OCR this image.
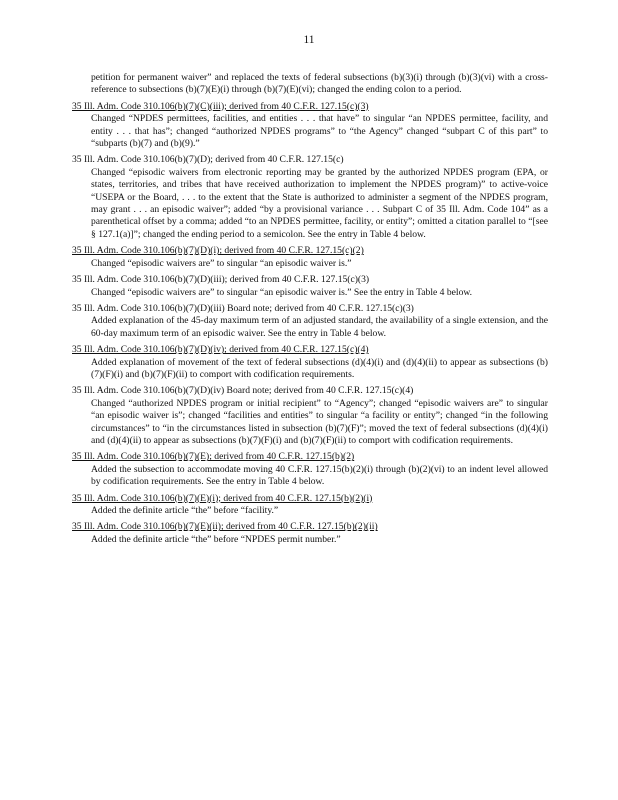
11
petition for permanent waiver” and replaced the texts of federal subsections (b)(3)(i) through (b)(3)(vi) with a cross-reference to subsections (b)(7)(E)(i) through (b)(7)(E)(vi); changed the ending colon to a period.
35 Ill. Adm. Code 310.106(b)(7)(C)(iii); derived from 40 C.F.R. 127.15(c)(3)
Changed “NPDES permittees, facilities, and entities . . . that have” to singular “an NPDES permittee, facility, and entity . . . that has”; changed “authorized NPDES programs” to “the Agency” changed “subpart C of this part” to “subparts (b)(7) and (b)(9).”
35 Ill. Adm. Code 310.106(b)(7)(D); derived from 40 C.F.R. 127.15(c)
Changed “episodic waivers from electronic reporting may be granted by the authorized NPDES program (EPA, or states, territories, and tribes that have received authorization to implement the NPDES program)” to active-voice “USEPA or the Board, . . . to the extent that the State is authorized to administer a segment of the NPDES program, may grant . . . an episodic waiver”; added “by a provisional variance . . . Subpart C of 35 Ill. Adm. Code 104” as a parenthetical offset by a comma; added “to an NPDES permittee, facility, or entity”; omitted a citation parallel to “[see § 127.1(a)]”; changed the ending period to a semicolon. See the entry in Table 4 below.
35 Ill. Adm. Code 310.106(b)(7)(D)(i); derived from 40 C.F.R. 127.15(c)(2)
Changed “episodic waivers are” to singular “an episodic waiver is.”
35 Ill. Adm. Code 310.106(b)(7)(D)(iii); derived from 40 C.F.R. 127.15(c)(3)
Changed “episodic waivers are” to singular “an episodic waiver is.” See the entry in Table 4 below.
35 Ill. Adm. Code 310.106(b)(7)(D)(iii) Board note; derived from 40 C.F.R. 127.15(c)(3)
Added explanation of the 45-day maximum term of an adjusted standard, the availability of a single extension, and the 60-day maximum term of an episodic waiver. See the entry in Table 4 below.
35 Ill. Adm. Code 310.106(b)(7)(D)(iv); derived from 40 C.F.R. 127.15(c)(4)
Added explanation of movement of the text of federal subsections (d)(4)(i) and (d)(4)(ii) to appear as subsections (b)(7)(F)(i) and (b)(7)(F)(ii) to comport with codification requirements.
35 Ill. Adm. Code 310.106(b)(7)(D)(iv) Board note; derived from 40 C.F.R. 127.15(c)(4)
Changed “authorized NPDES program or initial recipient” to “Agency”; changed “episodic waivers are” to singular “an episodic waiver is”; changed “facilities and entities” to singular “a facility or entity”; changed “in the following circumstances” to “in the circumstances listed in subsection (b)(7)(F)”; moved the text of federal subsections (d)(4)(i) and (d)(4)(ii) to appear as subsections (b)(7)(F)(i) and (b)(7)(F)(ii) to comport with codification requirements.
35 Ill. Adm. Code 310.106(b)(7)(E); derived from 40 C.F.R. 127.15(b)(2)
Added the subsection to accommodate moving 40 C.F.R. 127.15(b)(2)(i) through (b)(2)(vi) to an indent level allowed by codification requirements. See the entry in Table 4 below.
35 Ill. Adm. Code 310.106(b)(7)(E)(i); derived from 40 C.F.R. 127.15(b)(2)(i)
Added the definite article “the” before “facility.”
35 Ill. Adm. Code 310.106(b)(7)(E)(ii); derived from 40 C.F.R. 127.15(b)(2)(ii)
Added the definite article “the” before “NPDES permit number.”
